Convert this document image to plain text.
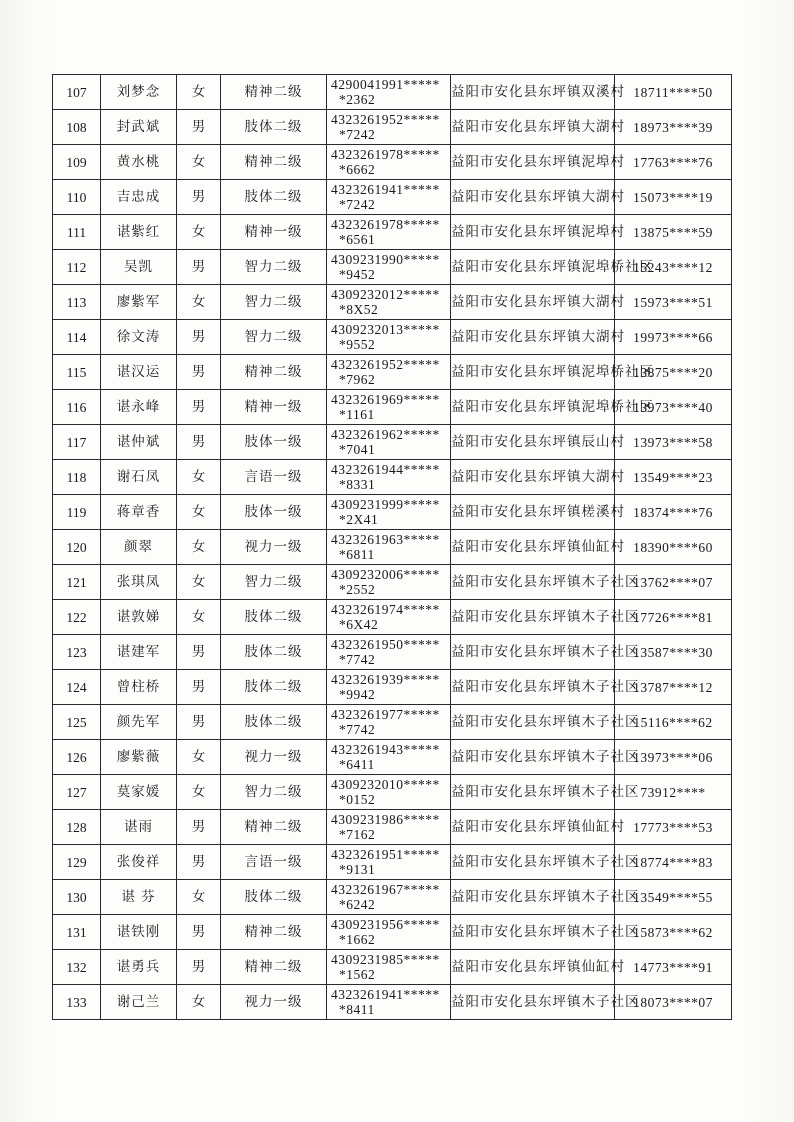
107	刘梦念	女	精神二级	4290041991*****
*2362	益阳市安化县东坪镇双溪村	18711****50
108	封武斌	男	肢体二级	4323261952*****
*7242	益阳市安化县东坪镇大湖村	18973****39
109	黄水桃	女	精神二级	4323261978*****
*6662	益阳市安化县东坪镇泥埠村	17763****76
110	吉忠成	男	肢体二级	4323261941*****
*7242	益阳市安化县东坪镇大湖村	15073****19
111	谌紫红	女	精神一级	4323261978*****
*6561	益阳市安化县东坪镇泥埠村	13875****59
112	吴凯	男	智力二级	4309231990*****
*9452	益阳市安化县东坪镇泥埠桥社区	15243****12
113	廖紫军	女	智力二级	4309232012*****
*8X52	益阳市安化县东坪镇大湖村	15973****51
114	徐文涛	男	智力二级	4309232013*****
*9552	益阳市安化县东坪镇大湖村	19973****66
115	谌汉运	男	精神二级	4323261952*****
*7962	益阳市安化县东坪镇泥埠桥社区	13875****20
116	谌永峰	男	精神一级	4323261969*****
*1161	益阳市安化县东坪镇泥埠桥社区	13973****40
117	谌仲斌	男	肢体一级	4323261962*****
*7041	益阳市安化县东坪镇辰山村	13973****58
118	谢石凤	女	言语一级	4323261944*****
*8331	益阳市安化县东坪镇大湖村	13549****23
119	蒋章香	女	肢体一级	4309231999*****
*2X41	益阳市安化县东坪镇槎溪村	18374****76
120	颜翠	女	视力一级	4323261963*****
*6811	益阳市安化县东坪镇仙缸村	18390****60
121	张琪凤	女	智力二级	4309232006*****
*2552	益阳市安化县东坪镇木子社区	13762****07
122	谌敦娣	女	肢体二级	4323261974*****
*6X42	益阳市安化县东坪镇木子社区	17726****81
123	谌建军	男	肢体二级	4323261950*****
*7742	益阳市安化县东坪镇木子社区	13587****30
124	曾柱桥	男	肢体二级	4323261939*****
*9942	益阳市安化县东坪镇木子社区	13787****12
125	颜先军	男	肢体二级	4323261977*****
*7742	益阳市安化县东坪镇木子社区	15116****62
126	廖紫薇	女	视力一级	4323261943*****
*6411	益阳市安化县东坪镇木子社区	13973****06
127	莫家媛	女	智力二级	4309232010*****
*0152	益阳市安化县东坪镇木子社区	73912****
128	谌雨	男	精神二级	4309231986*****
*7162	益阳市安化县东坪镇仙缸村	17773****53
129	张俊祥	男	言语一级	4323261951*****
*9131	益阳市安化县东坪镇木子社区	18774****83
130	谌 芬	女	肢体二级	4323261967*****
*6242	益阳市安化县东坪镇木子社区	13549****55
131	谌铁刚	男	精神二级	4309231956*****
*1662	益阳市安化县东坪镇木子社区	15873****62
132	谌勇兵	男	精神二级	4309231985*****
*1562	益阳市安化县东坪镇仙缸村	14773****91
133	谢己兰	女	视力一级	4323261941*****
*8411	益阳市安化县东坪镇木子社区	18073****07
